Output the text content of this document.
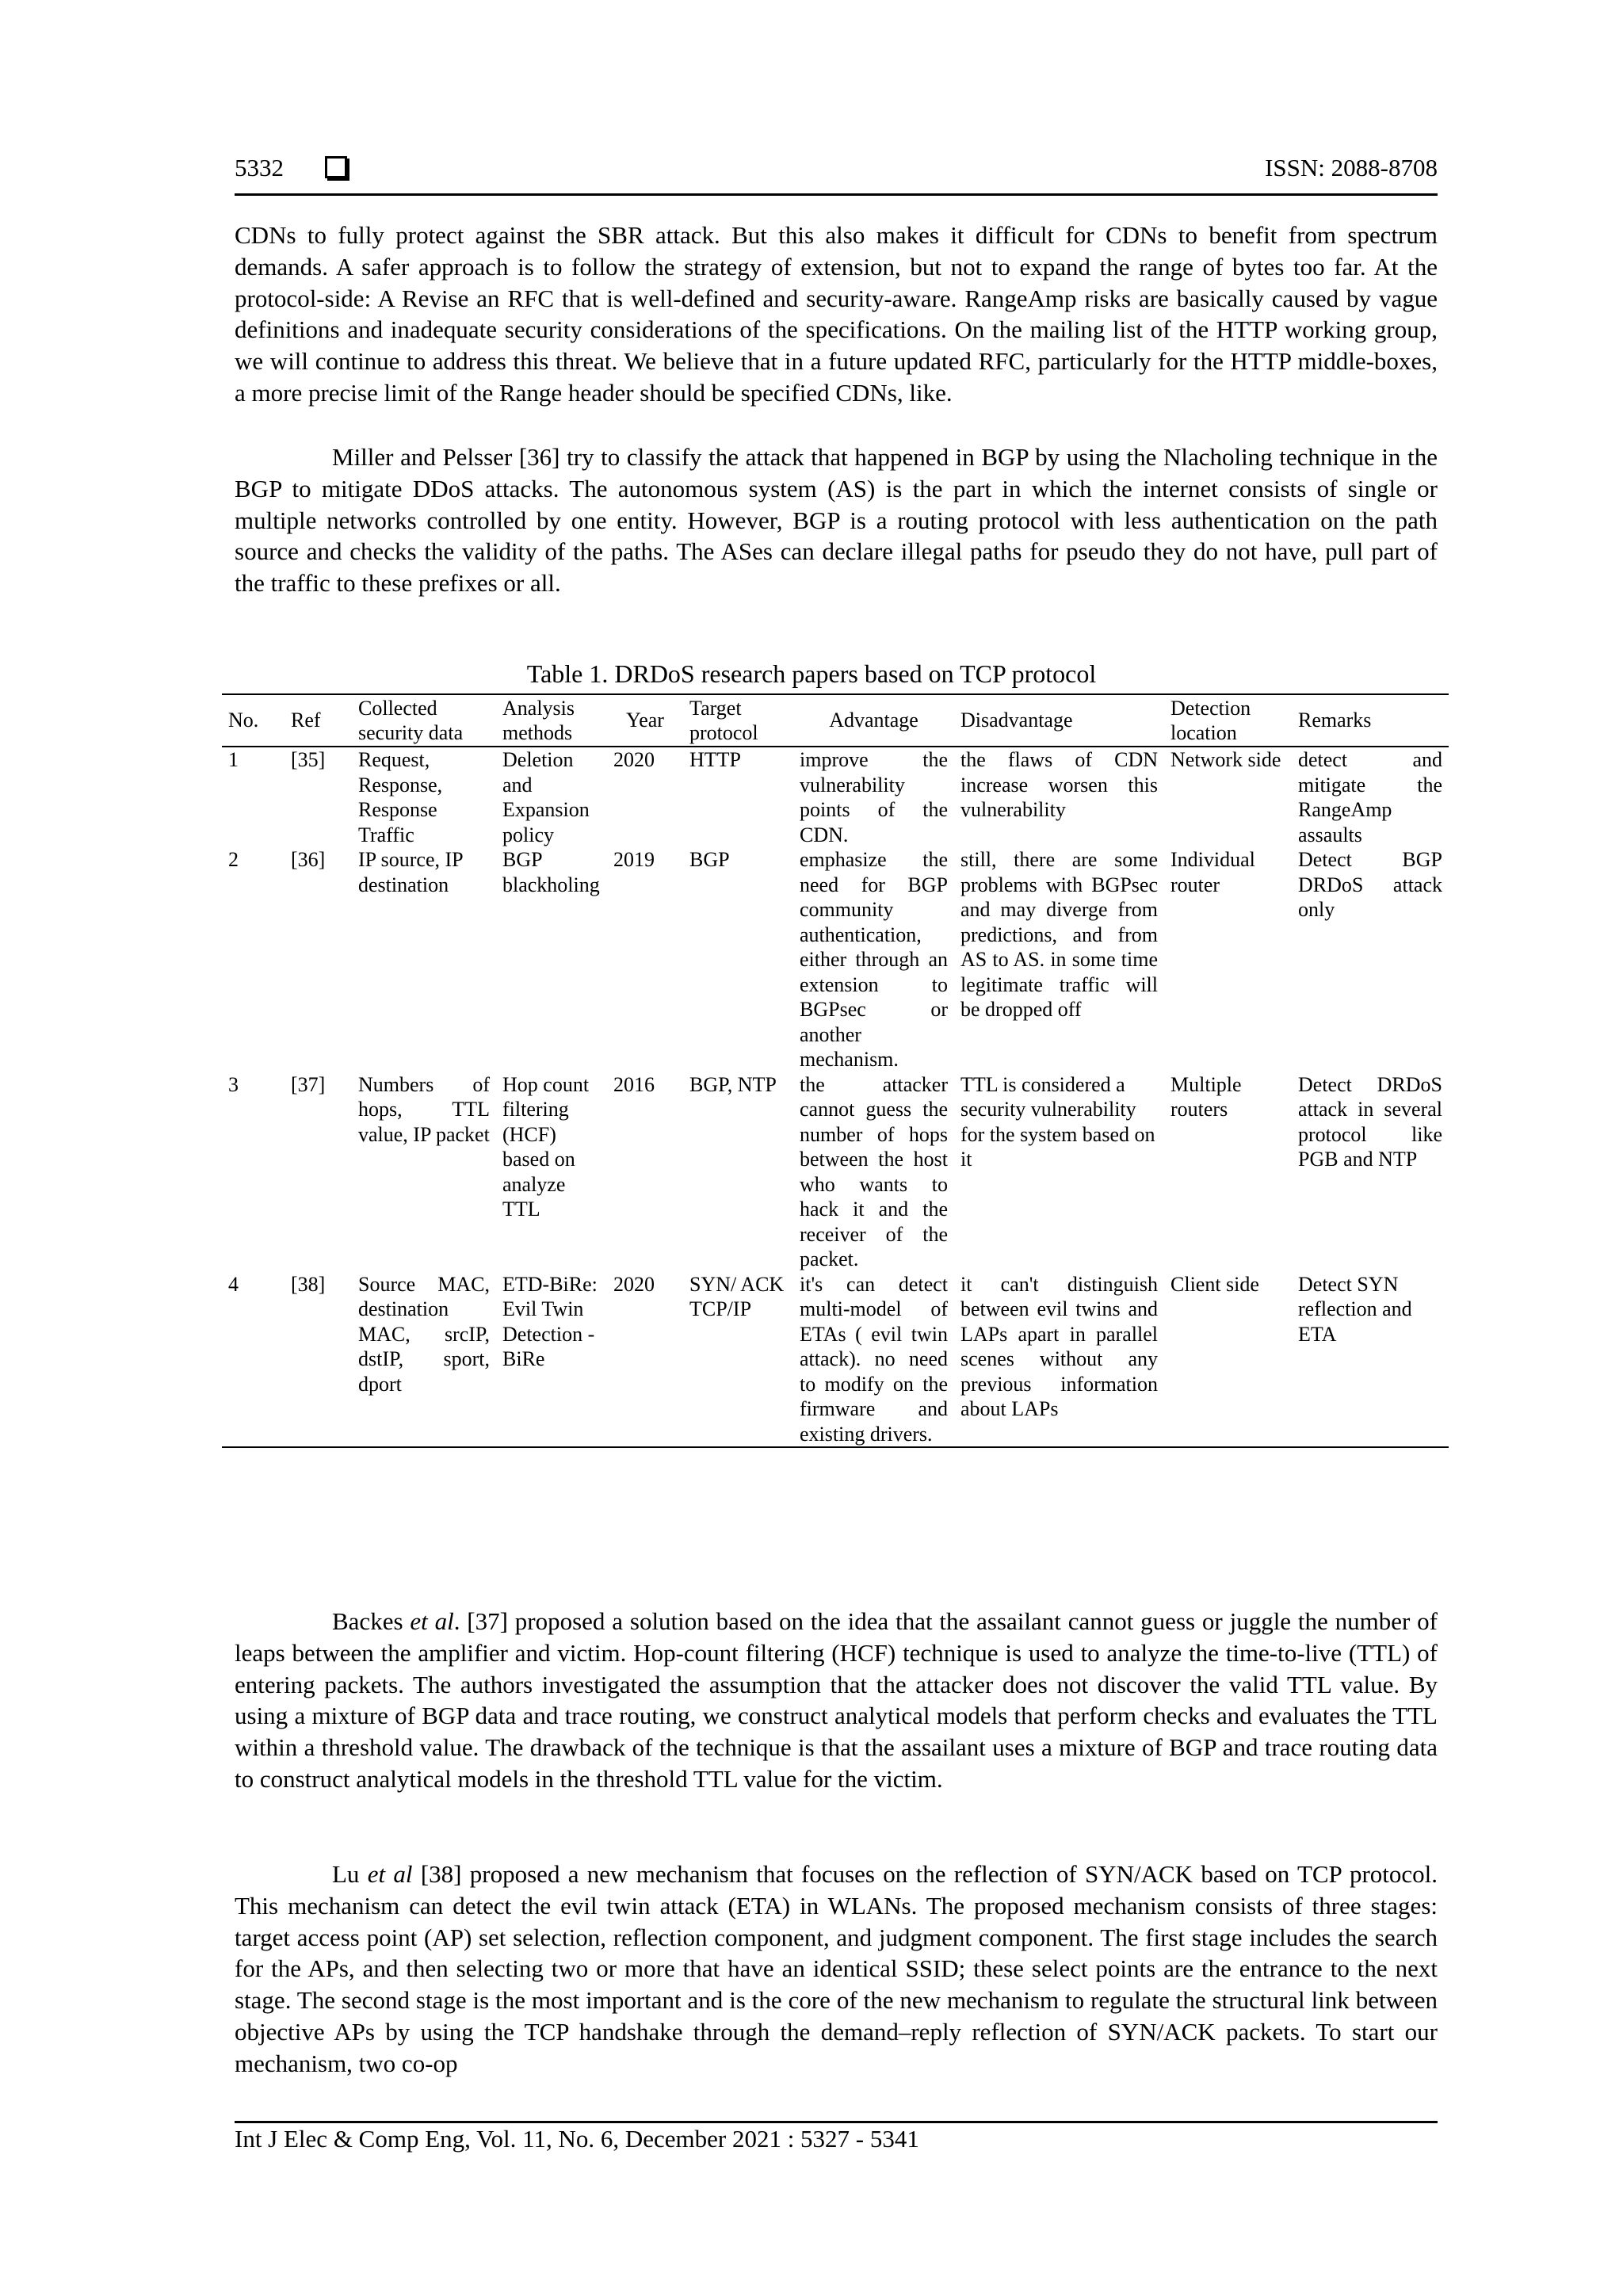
5332	ISSN: 2088-8708

CDNs to fully protect against the SBR attack. But this also makes it difficult for CDNs to benefit from spectrum demands. A safer approach is to follow the strategy of extension, but not to expand the range of bytes too far. At the protocol-side: A Revise an RFC that is well-defined and security-aware. RangeAmp risks are basically caused by vague definitions and inadequate security considerations of the specifications. On the mailing list of the HTTP working group, we will continue to address this threat. We believe that in a future updated RFC, particularly for the HTTP middle-boxes, a more precise limit of the Range header should be specified CDNs, like.

Miller and Pelsser [36] try to classify the attack that happened in BGP by using the Nlacholing technique in the BGP to mitigate DDoS attacks. The autonomous system (AS) is the part in which the internet consists of single or multiple networks controlled by one entity. However, BGP is a routing protocol with less authentication on the path source and checks the validity of the paths. The ASes can declare illegal paths for pseudo they do not have, pull part of the traffic to these prefixes or all.

Table 1. DRDoS research papers based on TCP protocol
No.	Ref	Collected security data	Analysis methods	Year	Target protocol	Advantage	Disadvantage	Detection location	Remarks
1	[35]	Request, Response, Response Traffic	Deletion and Expansion policy	2020	HTTP	improve the vulnerability points of the CDN.	the flaws of CDN increase worsen this vulnerability	Network side	detect and mitigate the RangeAmp assaults
2	[36]	IP source, IP destination	BGP blackholing	2019	BGP	emphasize the need for BGP community authentication, either through an extension to BGPsec or another mechanism.	still, there are some problems with BGPsec and may diverge from predictions, and from AS to AS. in some time legitimate traffic will be dropped off	Individual router	Detect BGP DRDoS attack only
3	[37]	Numbers of hops, TTL value, IP packet	Hop count filtering (HCF) based on analyze TTL	2016	BGP, NTP	the attacker cannot guess the number of hops between the host who wants to hack it and the receiver of the packet.	TTL is considered a security vulnerability for the system based on it	Multiple routers	Detect DRDoS attack in several protocol like PGB and NTP
4	[38]	Source MAC, destination MAC, srcIP, dstIP, sport, dport	ETD-BiRe: Evil Twin Detection -BiRe	2020	SYN/ ACK TCP/IP	it's can detect multi-model of ETAs ( evil twin attack). no need to modify on the firmware and existing drivers.	it can't distinguish between evil twins and LAPs apart in parallel scenes without any previous information about LAPs	Client side	Detect SYN reflection and ETA

Backes et al. [37] proposed a solution based on the idea that the assailant cannot guess or juggle the number of leaps between the amplifier and victim. Hop-count filtering (HCF) technique is used to analyze the time-to-live (TTL) of entering packets. The authors investigated the assumption that the attacker does not discover the valid TTL value. By using a mixture of BGP data and trace routing, we construct analytical models that perform checks and evaluates the TTL within a threshold value. The drawback of the technique is that the assailant uses a mixture of BGP and trace routing data to construct analytical models in the threshold TTL value for the victim.

Lu et al [38] proposed a new mechanism that focuses on the reflection of SYN/ACK based on TCP protocol. This mechanism can detect the evil twin attack (ETA) in WLANs. The proposed mechanism consists of three stages: target access point (AP) set selection, reflection component, and judgment component. The first stage includes the search for the APs, and then selecting two or more that have an identical SSID; these select points are the entrance to the next stage. The second stage is the most important and is the core of the new mechanism to regulate the structural link between objective APs by using the TCP handshake through the demand–reply reflection of SYN/ACK packets. To start our mechanism, two co-op

Int J Elec & Comp Eng, Vol. 11, No. 6, December 2021 : 5327 - 5341
